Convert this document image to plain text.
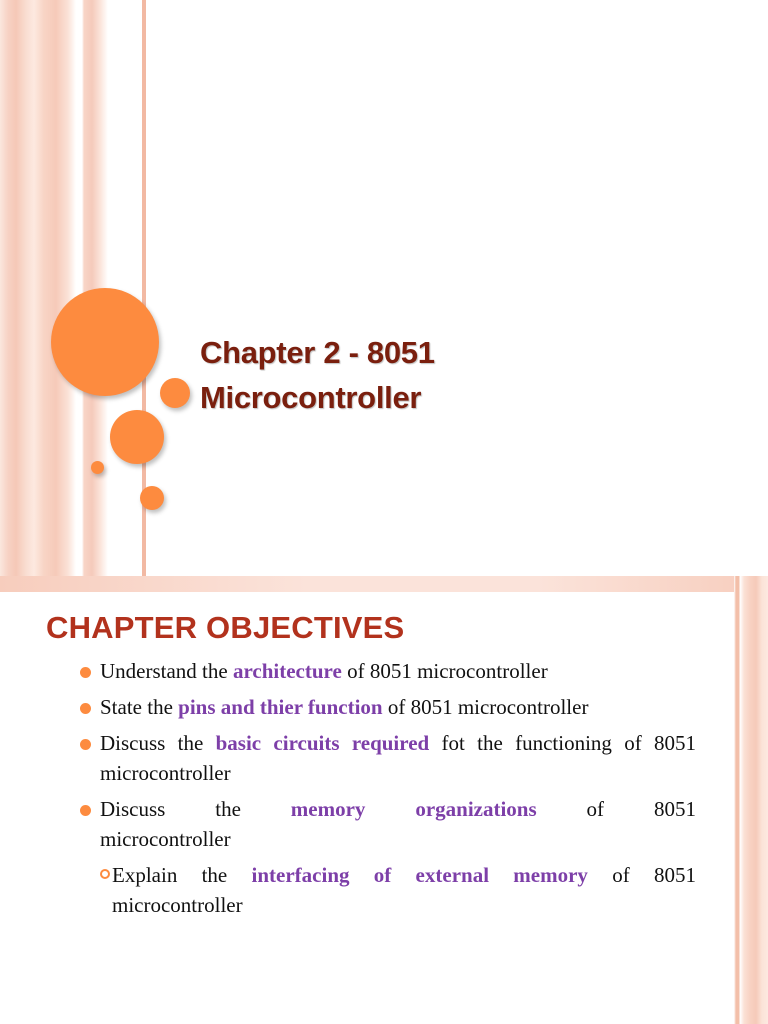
Chapter 2 - 8051
Microcontroller
CHAPTER OBJECTIVES
Understand the architecture of 8051 microcontroller
State the pins and thier function of 8051 microcontroller
Discuss the basic circuits required fot the functioning of 8051 microcontroller
Discuss the memory organizations of 8051
microcontroller
Explain the interfacing of external memory of 8051 microcontroller
